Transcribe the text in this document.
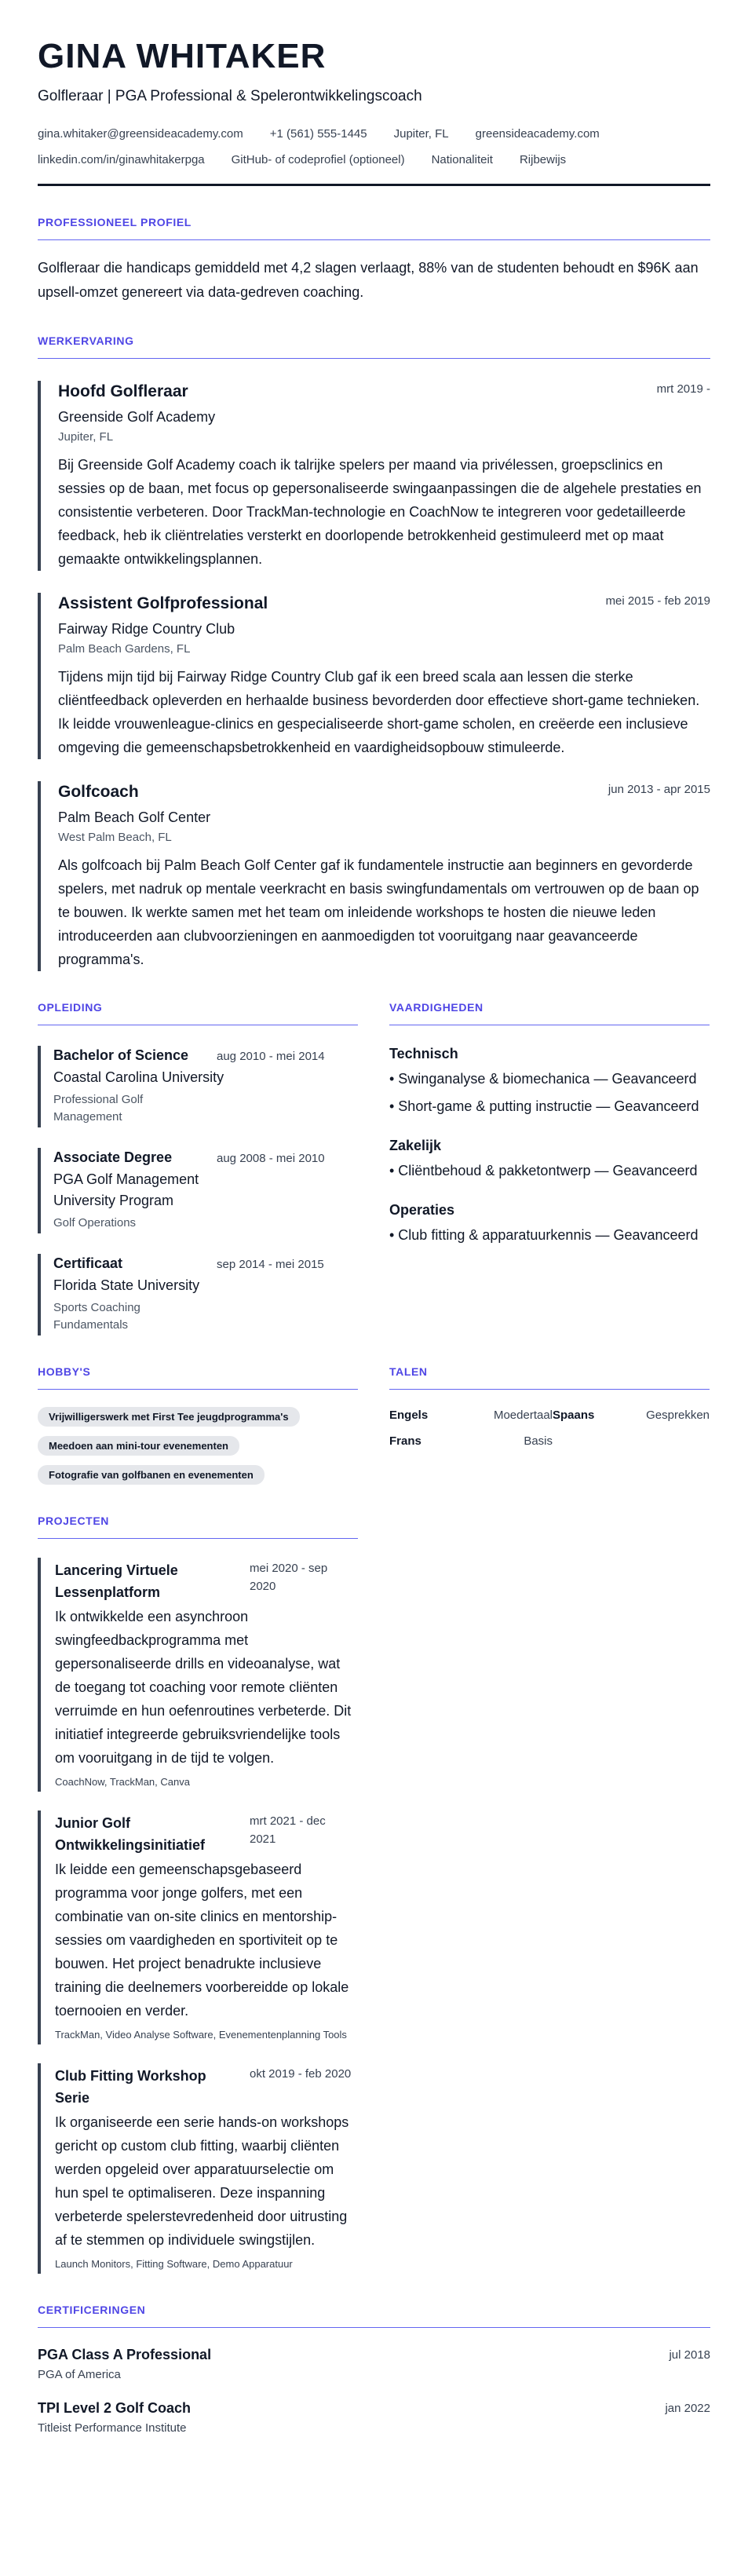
GINA WHITAKER
Golfleraar | PGA Professional & Spelerontwikkelingscoach
gina.whitaker@greensideacademy.com +1 (561) 555-1445 Jupiter, FL greensideacademy.com
linkedin.com/in/ginawhitakerpga GitHub- of codeprofiel (optioneel) Nationaliteit Rijbewijs
PROFESSIONEEL PROFIEL
Golfleraar die handicaps gemiddeld met 4,2 slagen verlaagt, 88% van de studenten behoudt en $96K aan upsell-omzet genereert via data-gedreven coaching.
WERKERVARING
mrt 2019 -
Hoofd Golfleraar
Greenside Golf Academy
Jupiter, FL
Bij Greenside Golf Academy coach ik talrijke spelers per maand via privélessen, groepsclinics en sessies op de baan, met focus op gepersonaliseerde swingaanpassingen die de algehele prestaties en consistentie verbeteren. Door TrackMan-technologie en CoachNow te integreren voor gedetailleerde feedback, heb ik cliëntrelaties versterkt en doorlopende betrokkenheid gestimuleerd met op maat gemaakte ontwikkelingsplannen.
mei 2015 - feb 2019
Assistent Golfprofessional
Fairway Ridge Country Club
Palm Beach Gardens, FL
Tijdens mijn tijd bij Fairway Ridge Country Club gaf ik een breed scala aan lessen die sterke cliëntfeedback opleverden en herhaalde business bevorderden door effectieve short-game technieken. Ik leidde vrouwenleague-clinics en gespecialiseerde short-game scholen, en creëerde een inclusieve omgeving die gemeenschapsbetrokkenheid en vaardigheidsopbouw stimuleerde.
jun 2013 - apr 2015
Golfcoach
Palm Beach Golf Center
West Palm Beach, FL
Als golfcoach bij Palm Beach Golf Center gaf ik fundamentele instructie aan beginners en gevorderde spelers, met nadruk op mentale veerkracht en basis swingfundamentals om vertrouwen op de baan op te bouwen. Ik werkte samen met het team om inleidende workshops te hosten die nieuwe leden introduceerden aan clubvoorzieningen en aanmoedigden tot vooruitgang naar geavanceerde programma's.
OPLEIDING
aug 2010 - mei 2014
Bachelor of Science
Coastal Carolina University
Professional Golf Management
aug 2008 - mei 2010
Associate Degree
PGA Golf Management University Program
Golf Operations
sep 2014 - mei 2015
Certificaat
Florida State University
Sports Coaching Fundamentals
VAARDIGHEDEN
Technisch
• Swinganalyse & biomechanica — Geavanceerd
• Short-game & putting instructie — Geavanceerd
Zakelijk
• Cliëntbehoud & pakketontwerp — Geavanceerd
Operaties
• Club fitting & apparatuurkennis — Geavanceerd
HOBBY'S
Vrijwilligerswerk met First Tee jeugdprogramma's
Meedoen aan mini-tour evenementen
Fotografie van golfbanen en evenementen
TALEN
Engels	Moedertaal Spaans	Gesprekken
Frans	Basis
PROJECTEN
mei 2020 - sep 2020
Lancering Virtuele Lessenplatform
Ik ontwikkelde een asynchroon swingfeedbackprogramma met gepersonaliseerde drills en videoanalyse, wat de toegang tot coaching voor remote cliënten verruimde en hun oefenroutines verbeterde. Dit initiatief integreerde gebruiksvriendelijke tools om vooruitgang in de tijd te volgen.
CoachNow, TrackMan, Canva
mrt 2021 - dec 2021
Junior Golf Ontwikkelingsinitiatief
Ik leidde een gemeenschapsgebaseerd programma voor jonge golfers, met een combinatie van on-site clinics en mentorship-sessies om vaardigheden en sportiviteit op te bouwen. Het project benadrukte inclusieve training die deelnemers voorbereidde op lokale toernooien en verder.
TrackMan, Video Analyse Software, Evenementenplanning Tools
okt 2019 - feb 2020
Club Fitting Workshop Serie
Ik organiseerde een serie hands-on workshops gericht op custom club fitting, waarbij cliënten werden opgeleid over apparatuurselectie om hun spel te optimaliseren. Deze inspanning verbeterde spelerstevredenheid door uitrusting af te stemmen op individuele swingstijlen.
Launch Monitors, Fitting Software, Demo Apparatuur
CERTIFICERINGEN
jul 2018
PGA Class A Professional
PGA of America
jan 2022
TPI Level 2 Golf Coach
Titleist Performance Institute
